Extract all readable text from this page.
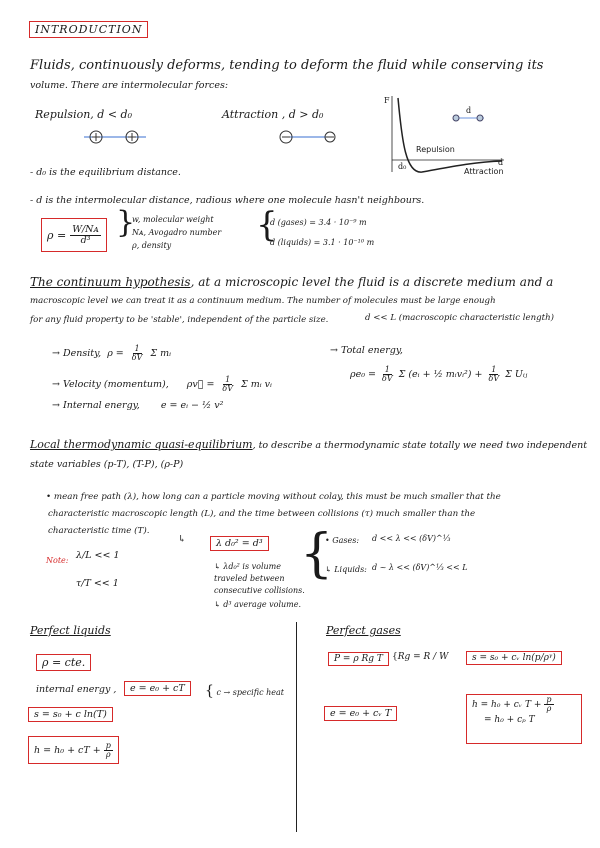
INTRODUCTION
Fluids, continuously deforms, tending to deform the fluid while conserving its
volume. There are intermolecular forces:
Repulsion, d < d₀	Attraction , d > d₀
F
d
Repulsion
Attraction
d₀	d
- d₀ is the equilibrium distance.
- d is the intermolecular distance, radious where one molecule hasn't neighbours.
$\rho = \frac{\text{W/Nᴀ}}{\text{d³}}$ }
w, molecular weight
Nᴀ, Avogadro number
ρ, density
{
d (gases) = 3.4 · 10⁻⁹ m
d (liquids) = 3.1 · 10⁻¹⁰ m
The continuum hypothesis, at a microscopic level the fluid is a discrete medium and a
macroscopic level we can treat it as a continuum medium. The number of molecules must be large enough
for any fluid property to be 'stable', independent of the particle size.	d << L (macroscopic characteristic length)
→ Density, $\rho = \frac{1}{\delta V}$ Σ mᵢ
→ Velocity (momentum), ρv⃗ = $\frac{1}{\delta V}$ Σ mᵢ vᵢ
→ Internal energy, e = eᵢ − ½ v²
→ Total energy,
$\rho e_0 = \frac{1}{\delta V}$ Σ (eᵢ + ½ mᵢvᵢ²) + $\frac{1}{\delta V}$ Σ Uᵢⱼ
Local thermodynamic quasi-equilibrium, to describe a thermodynamic state totally we need two independent
state variables (p-T), (T-P), (ρ-P)
• mean free path (λ), how long can a particle moving without colay, this must be much smaller that the
characteristic macroscopic length (L), and the time between collisions (τ) much smaller than the
characteristic time (T).
↳	λ d₀² = d³
↳ λd₀² is volume
traveled between
consecutive collisions.
↳ d³ average volume.
{
• Gases: d << λ << (δV)^⅓
↳ Liquids: d ~ λ << (δV)^⅓ << L
Note: λ/L << 1
τ/T << 1
Perfect liquids
ρ = cte.
internal energy ,	e = e₀ + cT	{ c → specific heat
s = s₀ + c ln(T)
h = h₀ + cT + $\frac{p}{\rho}$
Perfect gases
P = ρ Rg T	{Rg = R / W	s = s₀ + cᵥ ln(p/ρᵞ)
e = e₀ + cᵥ T
h = h₀ + cᵥ $T + \frac{p}{\rho}$
= h₀ + cₚ T
